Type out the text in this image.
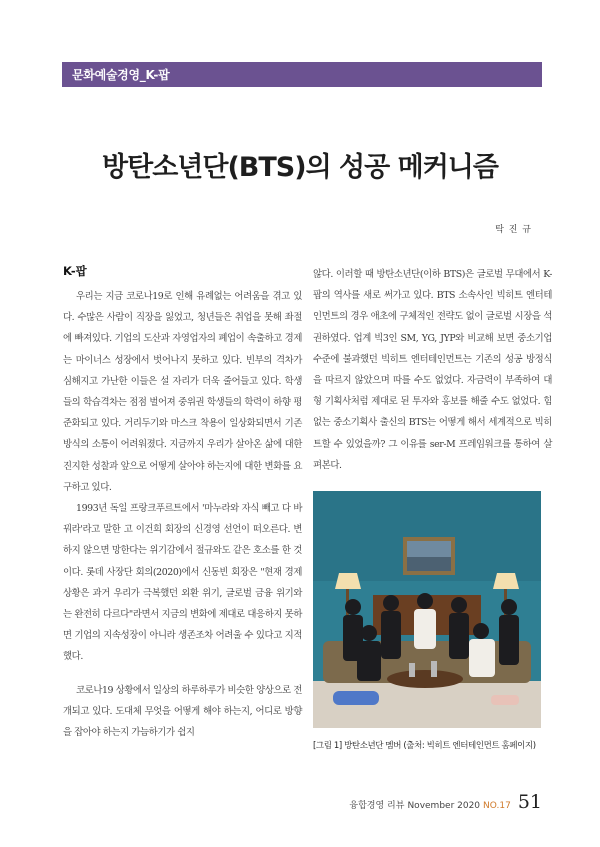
문화예술경영_K-팝
방탄소년단(BTS)의 성공 메커니즘
탁 진 규
K-팝

우리는 지금 코로나19로 인해 유례없는 어려움을 겪고 있다. 수많은 사람이 직장을 잃었고, 청년들은 취업을 못해 좌절에 빠져있다. 기업의 도산과 자영업자의 폐업이 속출하고 경제는 마이너스 성장에서 벗어나지 못하고 있다. 빈부의 격차가 심해지고 가난한 이들은 설 자리가 더욱 줄어들고 있다. 학생들의 학습격차는 점점 벌어져 중위권 학생들의 학력이 하향 평준화되고 있다. 거리두기와 마스크 착용이 일상화되면서 기존 방식의 소통이 어려워졌다. 지금까지 우리가 살아온 삶에 대한 진지한 성찰과 앞으로 어떻게 살아야 하는지에 대한 변화를 요구하고 있다.

1993년 독일 프랑크푸르트에서 '마누라와 자식 빼고 다 바꿔라'라고 말한 고 이건희 회장의 신경영 선언이 떠오른다. 변하지 않으면 망한다는 위기감에서 절규와도 같은 호소를 한 것이다. 롯데 사장단 회의(2020)에서 신동빈 회장은 "현재 경제 상황은 과거 우리가 극복했던 외환 위기, 글로벌 금융 위기와는 완전히 다르다"라면서 지금의 변화에 제대로 대응하지 못하면 기업의 지속성장이 아니라 생존조차 어려울 수 있다고 지적했다.

코로나19 상황에서 일상의 하루하루가 비슷한 양상으로 전개되고 있다. 도대체 무엇을 어떻게 해야 하는지, 어디로 방향을 잡아야 하는지 가늠하기가 쉽지

않다. 이러할 때 방탄소년단(이하 BTS)은 글로벌 무대에서 K-팝의 역사를 새로 써가고 있다. BTS 소속사인 빅히트 엔터테인먼트의 경우 애초에 구체적인 전략도 없이 글로벌 시장을 석권하였다. 업계 빅3인 SM, YG, JYP와 비교해 보면 중소기업 수준에 불과했던 빅히트 엔터테인먼트는 기존의 성공 방정식을 따르지 않았으며 따를 수도 없었다. 자금력이 부족하여 대형 기획사처럼 제대로 된 투자와 홍보를 해줄 수도 없었다. 힘없는 중소기획사 출신의 BTS는 어떻게 해서 세계적으로 빅히트할 수 있었을까? 그 이유를 ser-M 프레임워크를 통하여 살펴본다.

[그림 1] 방탄소년단 멤버 (출처: 빅히트 엔터테인먼트 홈페이지)
융합경영 리뷰 November 2020 NO.17 51
